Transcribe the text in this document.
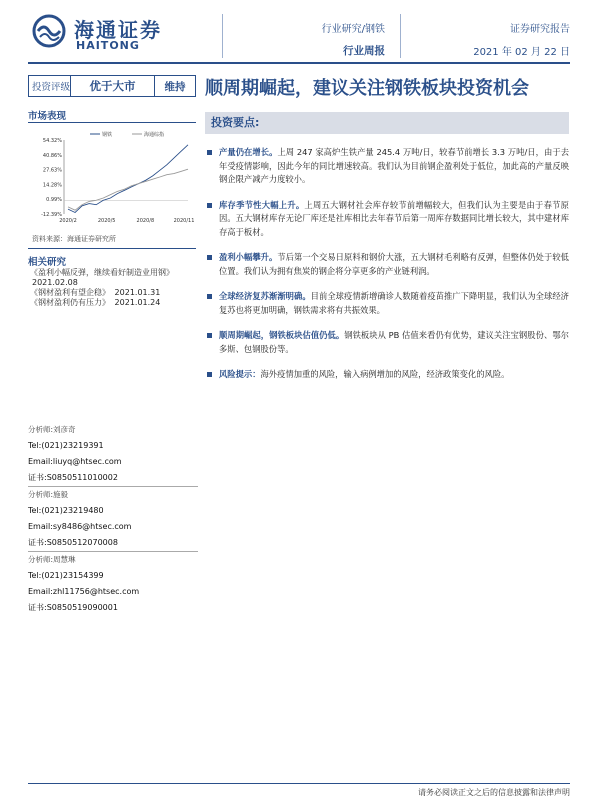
海通证券
HAITONG
行业研究/钢铁
行业周报
证券研究报告
2021 年 02 月 22 日
投资评级	优于大市	维持	顺周期崛起，建议关注钢铁板块投资机会
市场表现
54.32%
40.86%
27.63%
14.28%
0.99%
-12.39%
2020/2	2020/5	2020/8	2020/11
钢铁	海通综指
资料来源：海通证券研究所
相关研究
《盈利小幅反弹，继续看好制造业用钢》
2021.02.08
《钢材盈利有望企稳》 2021.01.31
《钢材盈利仍有压力》 2021.01.24
分析师:刘彦奇
Tel:(021)23219391
Email:liuyq@htsec.com
证书:S0850511010002
分析师:施毅
Tel:(021)23219480
Email:sy8486@htsec.com
证书:S0850512070008
分析师:周慧琳
Tel:(021)23154399
Email:zhl11756@htsec.com
证书:S0850519090001
投资要点:
产量仍在增长。上周 247 家高炉生铁产量 245.4 万吨/日，较春节前增长 3.3 万吨/日，由于去年受疫情影响，因此今年的同比增速较高。我们认为目前钢企盈利处于低位，加此高的产量反映钢企限产减产力度较小。
库存季节性大幅上升。上周五大钢材社会库存较节前增幅较大，但我们认为主要是由于春节原因。五大钢材库存无论厂库还是社库相比去年春节后第一周库存数据同比增长较大，其中建材库存高于板材。
盈利小幅攀升。节后第一个交易日原料和钢价大涨，五大钢材毛利略有反弹，但整体仍处于较低位置。我们认为拥有焦炭的钢企将分享更多的产业链利润。
全球经济复苏渐渐明确。目前全球疫情新增确诊人数随着疫苗推广下降明显，我们认为全球经济复苏也将更加明确，钢铁需求将有共振效果。
顺周期崛起，钢铁板块估值仍低。钢铁板块从 PB 估值来看仍有优势，建议关注宝钢股份、鄂尔多斯、包钢股份等。
风险提示：海外疫情加重的风险，输入病例增加的风险，经济政策变化的风险。
请务必阅读正文之后的信息披露和法律声明
